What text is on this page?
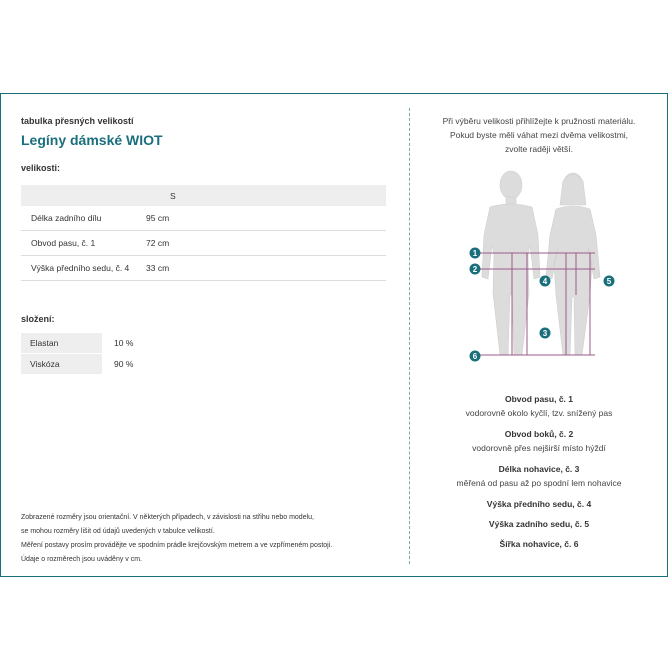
tabulka přesných velikostí
Legíny dámské WIOT
velikosti:
	S
Délka zadního dílu	95 cm
Obvod pasu, č. 1	72 cm
Výška předního sedu, č. 4	33 cm
složení:
Elastan	10 %
Viskóza	90 %
Zobrazené rozměry jsou orientační. V některých případech, v závislosti na střihu nebo modelu,
se mohou rozměry lišit od údajů uvedených v tabulce velikostí.
Měření postavy prosím provádějte ve spodním prádle krejčovským metrem a ve vzpřímeném postoji.
Údaje o rozměrech jsou uváděny v cm.
Při výběru velikosti přihlížejte k pružnosti materiálu.
Pokud byste měli váhat mezi dvěma velikostmi,
zvolte raději větší.
1
2
3
4	5
6
Obvod pasu, č. 1
vodorovně okolo kyčlí, tzv. snížený pas
Obvod boků, č. 2
vodorovně přes nejširší místo hýždí
Délka nohavice, č. 3
měřená od pasu až po spodní lem nohavice
Výška předního sedu, č. 4
Výška zadního sedu, č. 5
Šířka nohavice, č. 6
